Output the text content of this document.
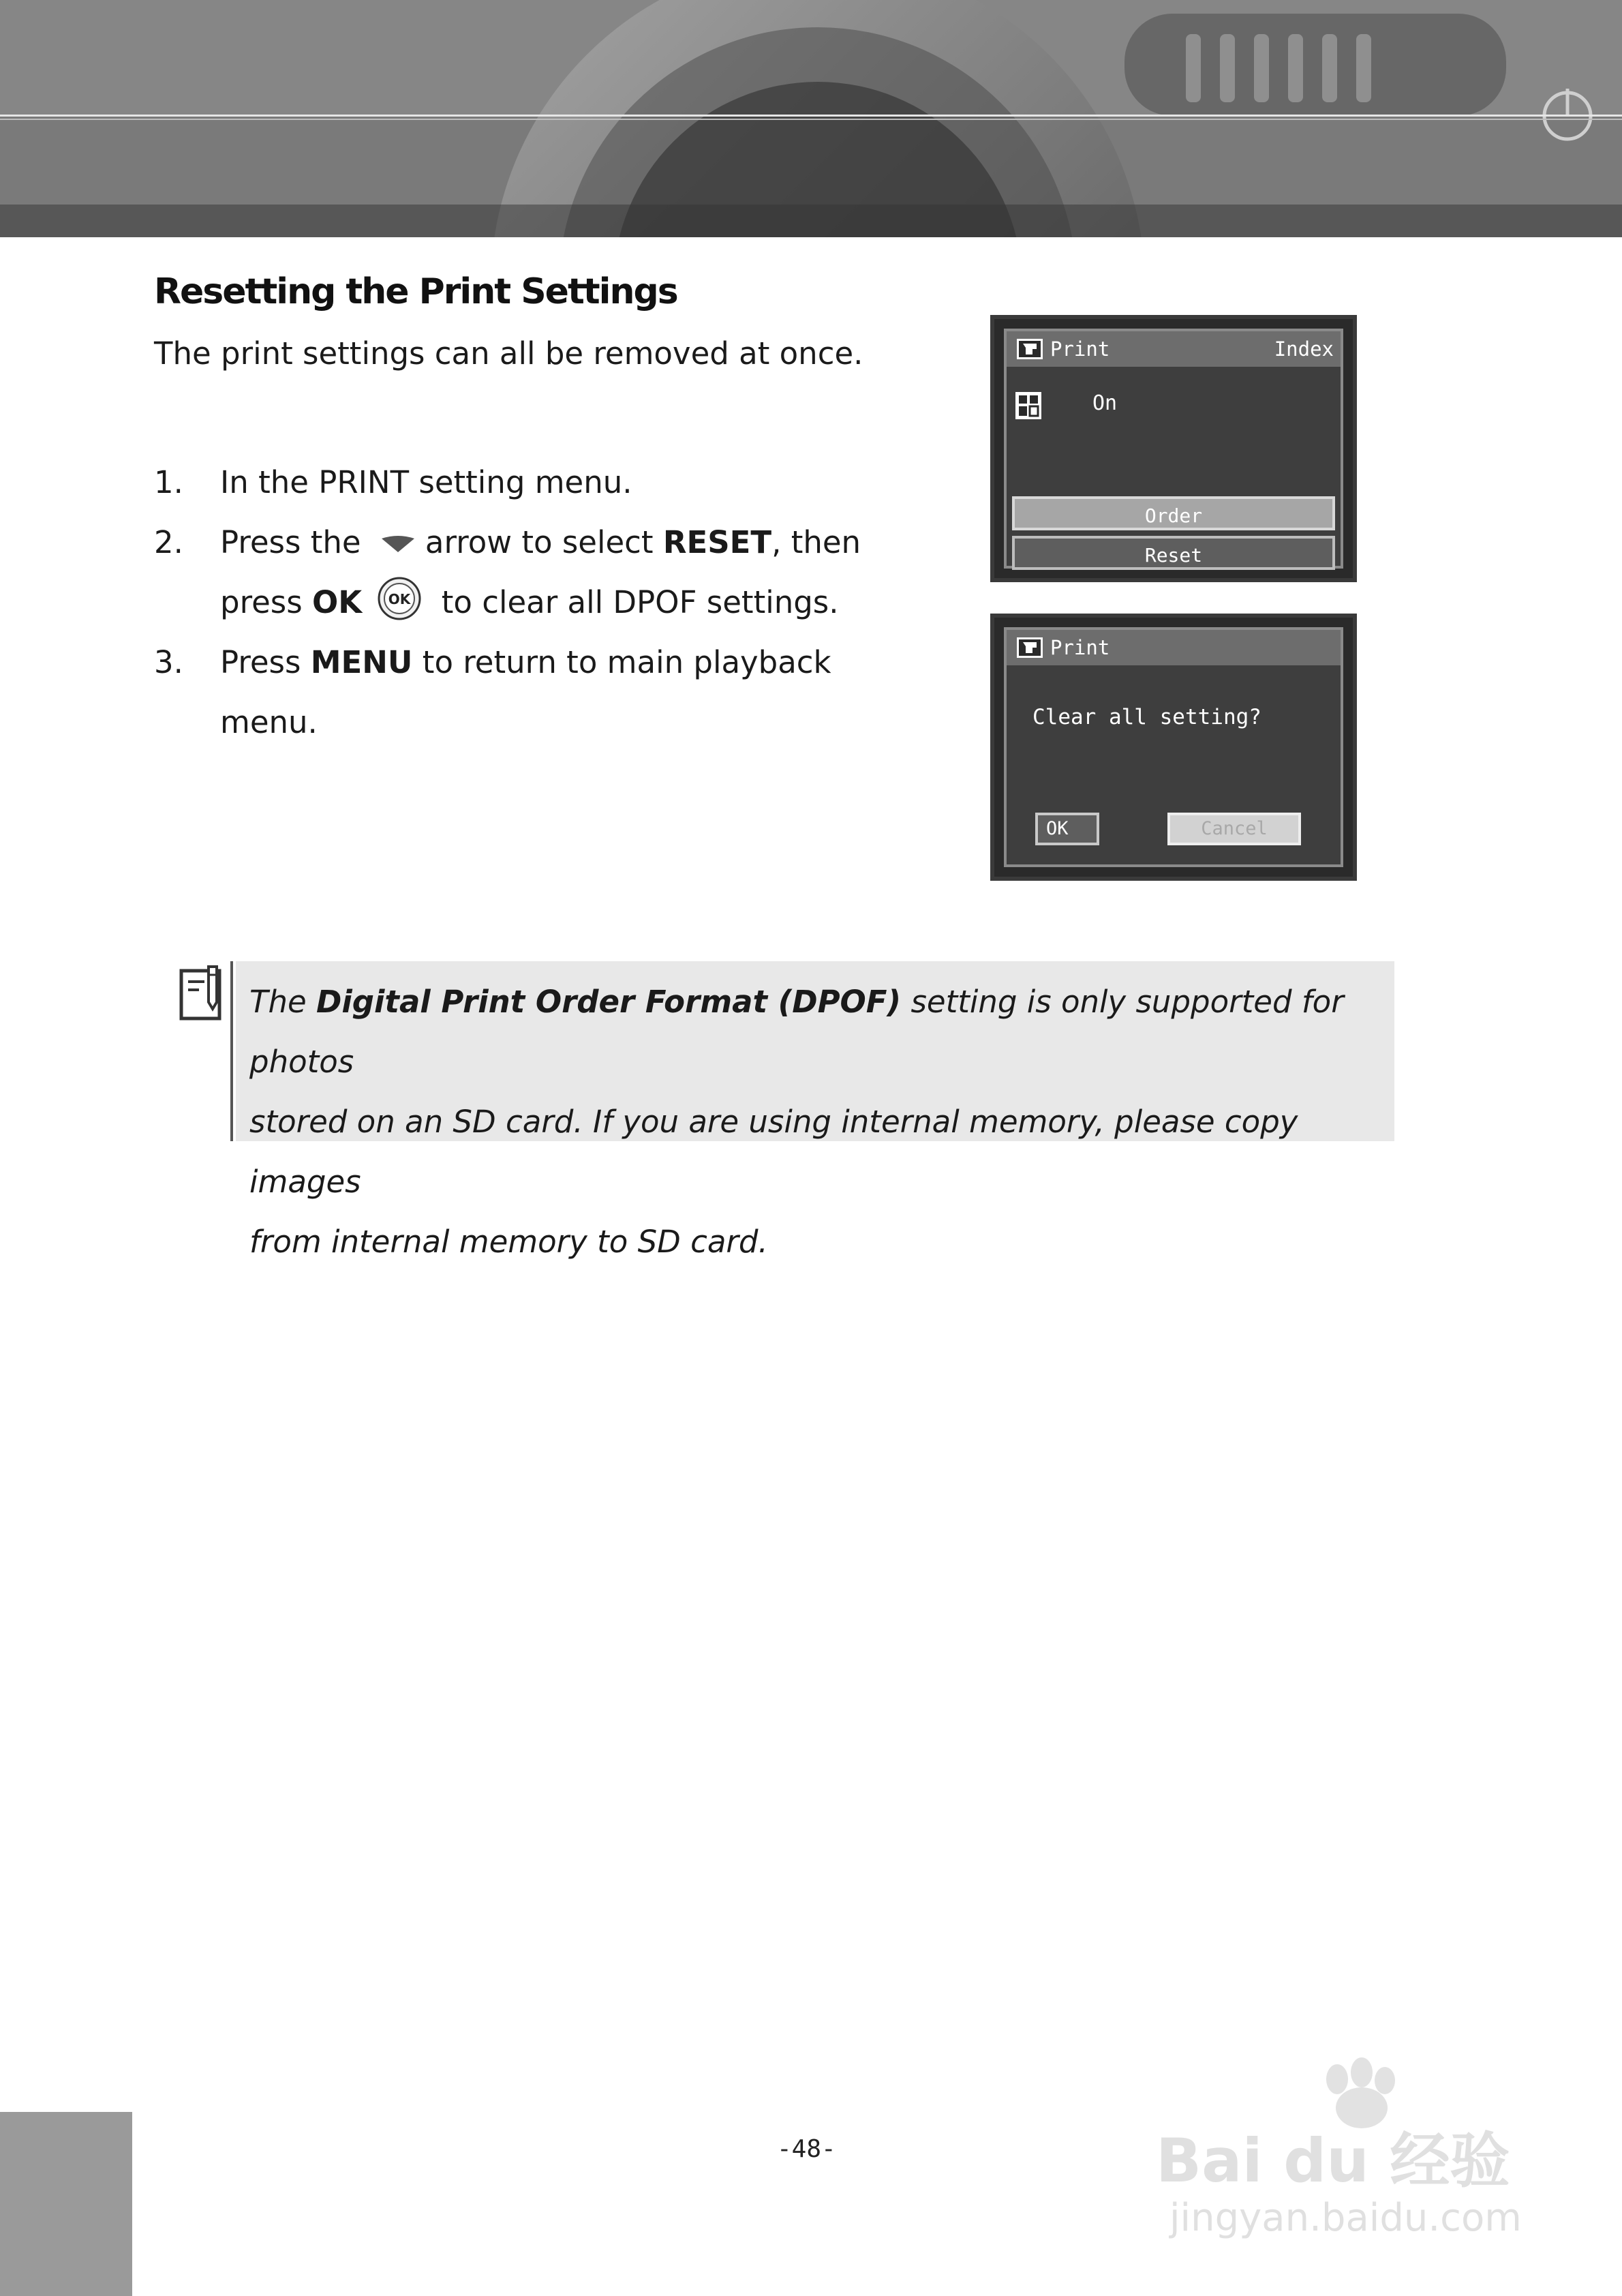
Resetting the Print Settings
The print settings can all be removed at once.
1. In the PRINT setting menu.
2. Press the arrow to select RESET, then
press OK OK to clear all DPOF settings.
3. Press MENU to return to main playback
menu.
Print	Index
On
Order
Reset
Print
Clear all setting?
OK	Cancel
The Digital Print Order Format (DPOF) setting is only supported for photos
stored on an SD card. If you are using internal memory, please copy images
from internal memory to SD card.
-48-	Bai du 经验
jingyan.baidu.com
